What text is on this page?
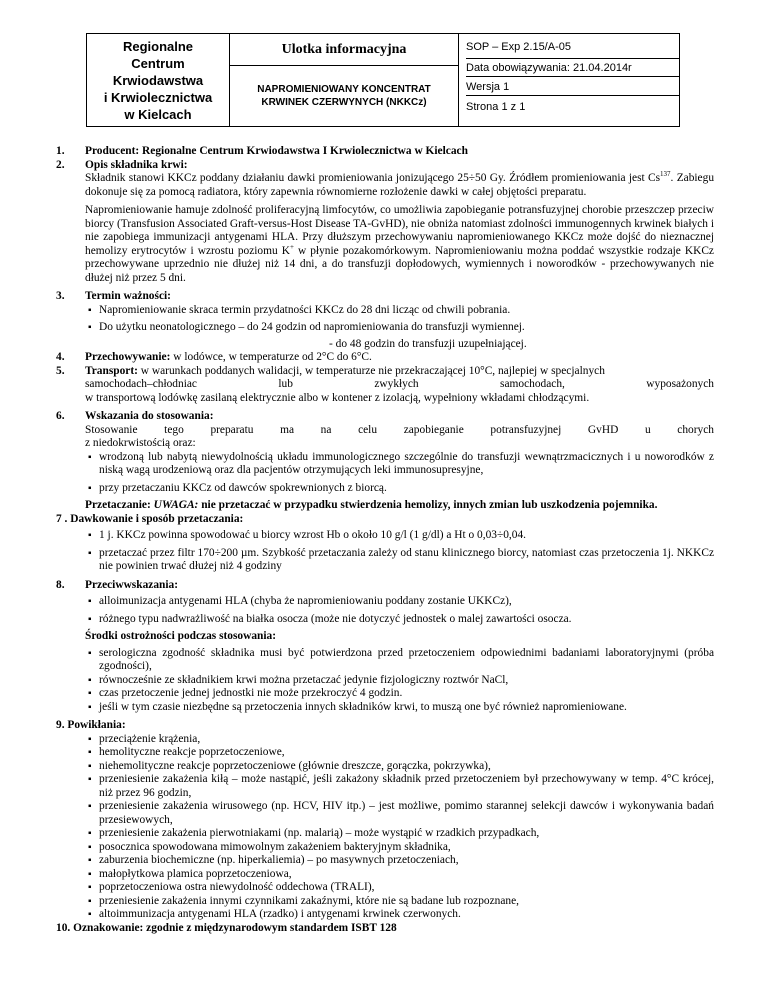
Regionalne
Centrum
Krwiodawstwa
i Krwiolecznictwa
w Kielcach
Ulotka informacyjna
NAPROMIENIOWANY KONCENTRAT
KRWINEK CZERWYNYCH (NKKCz)
SOP – Exp 2.15/A-05
Data obowiązywania: 21.04.2014r
Wersja 1
Strona 1 z 1

1. Producent: Regionalne Centrum Krwiodawstwa I Krwiolecznictwa w Kielcach

2. Opis składnika krwi:

Składnik stanowi KKCz poddany działaniu dawki promieniowania jonizującego 25÷50 Gy. Źródłem promieniowania jest Cs$^{137}$. Zabiegu dokonuje się za pomocą radiatora, który zapewnia równomierne rozłożenie dawki w całej objętości preparatu.

Napromieniowanie hamuje zdolność proliferacyjną limfocytów, co umożliwia zapobieganie potransfuzyjnej chorobie przeszczep przeciw biorcy (Transfusion Associated Graft-versus-Host Disease TA-GvHD), nie obniża natomiast zdolności immunogennych krwinek białych i nie zapobiega immunizacji antygenami HLA. Przy dłuższym przechowywaniu napromieniowanego KKCz może dojść do nieznacznej hemolizy erytrocytów i wzrostu poziomu K+ w płynie pozakomórkowym. Napromieniowaniu można poddać wszystkie rodzaje KKCz przechowywane uprzednio nie dłużej niż 14 dni, a do transfuzji dopłodowych, wymiennych i noworodków - przechowywanych nie dłużej niż przez 5 dni.

3. Termin ważności:

▪ Napromieniowanie skraca termin przydatności KKCz do 28 dni licząc od chwili pobrania.
▪ Do użytku neonatologicznego – do 24 godzin od napromieniowania do transfuzji wymiennej.

- do 48 godzin do transfuzji uzupełniającej.

4. Przechowywanie: w lodówce, w temperaturze od 2°C do 6°C.

5. Transport: w warunkach poddanych walidacji, w temperaturze nie przekraczającej 10°C, najlepiej w specjalnych

samochodach–chłodniac	lub	zwykłych	samochodach,	wyposażonych

w transportową lodówkę zasilaną elektrycznie albo w kontener z izolacją, wypełniony wkładami chłodzącymi.

6. Wskazania do stosowania:

Stosowanie tego preparatu ma na celu zapobieganie potransfuzyjnej GvHD u chorych

z niedokrwistością oraz:

▪ wrodzoną lub nabytą niewydolnością układu immunologicznego szczególnie do transfuzji wewnątrzmacicznych i u noworodków z niską wagą urodzeniową oraz dla pacjentów otrzymujących leki immunosupresyjne,
▪ przy przetaczaniu KKCz od dawców spokrewnionych z biorcą.

Przetaczanie: UWAGA: nie przetaczać w przypadku stwierdzenia hemolizy, innych zmian lub uszkodzenia pojemnika.

7 . Dawkowanie i sposób przetaczania:

▪ 1 j. KKCz powinna spowodować u biorcy wzrost Hb o około 10 g/l (1 g/dl) a Ht o 0,03÷0,04.
▪ przetaczać przez filtr 170÷200 µm. Szybkość przetaczania zależy od stanu klinicznego biorcy, natomiast czas przetoczenia 1j. NKKCz nie powinien trwać dłużej niż 4 godziny

8. Przeciwwskazania:

▪ alloimunizacja antygenami HLA (chyba że napromieniowaniu poddany zostanie UKKCz),
▪ różnego typu nadwrażliwość na białka osocza (może nie dotyczyć jednostek o malej zawartości osocza.

Środki ostrożności podczas stosowania:

▪ serologiczna zgodność składnika musi być potwierdzona przed przetoczeniem odpowiednimi badaniami laboratoryjnymi (próba zgodności),
▪ równocześnie ze składnikiem krwi można przetaczać jedynie fizjologiczny roztwór NaCl,
▪ czas przetoczenie jednej jednostki nie może przekroczyć 4 godzin.
▪ jeśli w tym czasie niezbędne są przetoczenia innych składników krwi, to muszą one być również napromieniowane.

9. Powikłania:

▪ przeciążenie krążenia,
▪ hemolityczne reakcje poprzetoczeniowe,
▪ niehemolityczne reakcje poprzetoczeniowe (głównie dreszcze, gorączka, pokrzywka),
▪ przeniesienie zakażenia kiłą – może nastąpić, jeśli zakażony składnik przed przetoczeniem był przechowywany w temp. 4°C krócej, niż przez 96 godzin,
▪ przeniesienie zakażenia wirusowego (np. HCV, HIV itp.) – jest możliwe, pomimo starannej selekcji dawców i wykonywania badań przesiewowych,
▪ przeniesienie zakażenia pierwotniakami (np. malarią) – może wystąpić w rzadkich przypadkach,
▪ posocznica spowodowana mimowolnym zakażeniem bakteryjnym składnika,
▪ zaburzenia biochemiczne (np. hiperkaliemia) – po masywnych przetoczeniach,
▪ małopłytkowa plamica poprzetoczeniowa,
▪ poprzetoczeniowa ostra niewydolność oddechowa (TRALI),
▪ przeniesienie zakażenia innymi czynnikami zakaźnymi, które nie są badane lub rozpoznane,
▪ altoimmunizacja antygenami HLA (rzadko) i antygenami krwinek czerwonych.

10. Oznakowanie: zgodnie z międzynarodowym standardem ISBT 128
